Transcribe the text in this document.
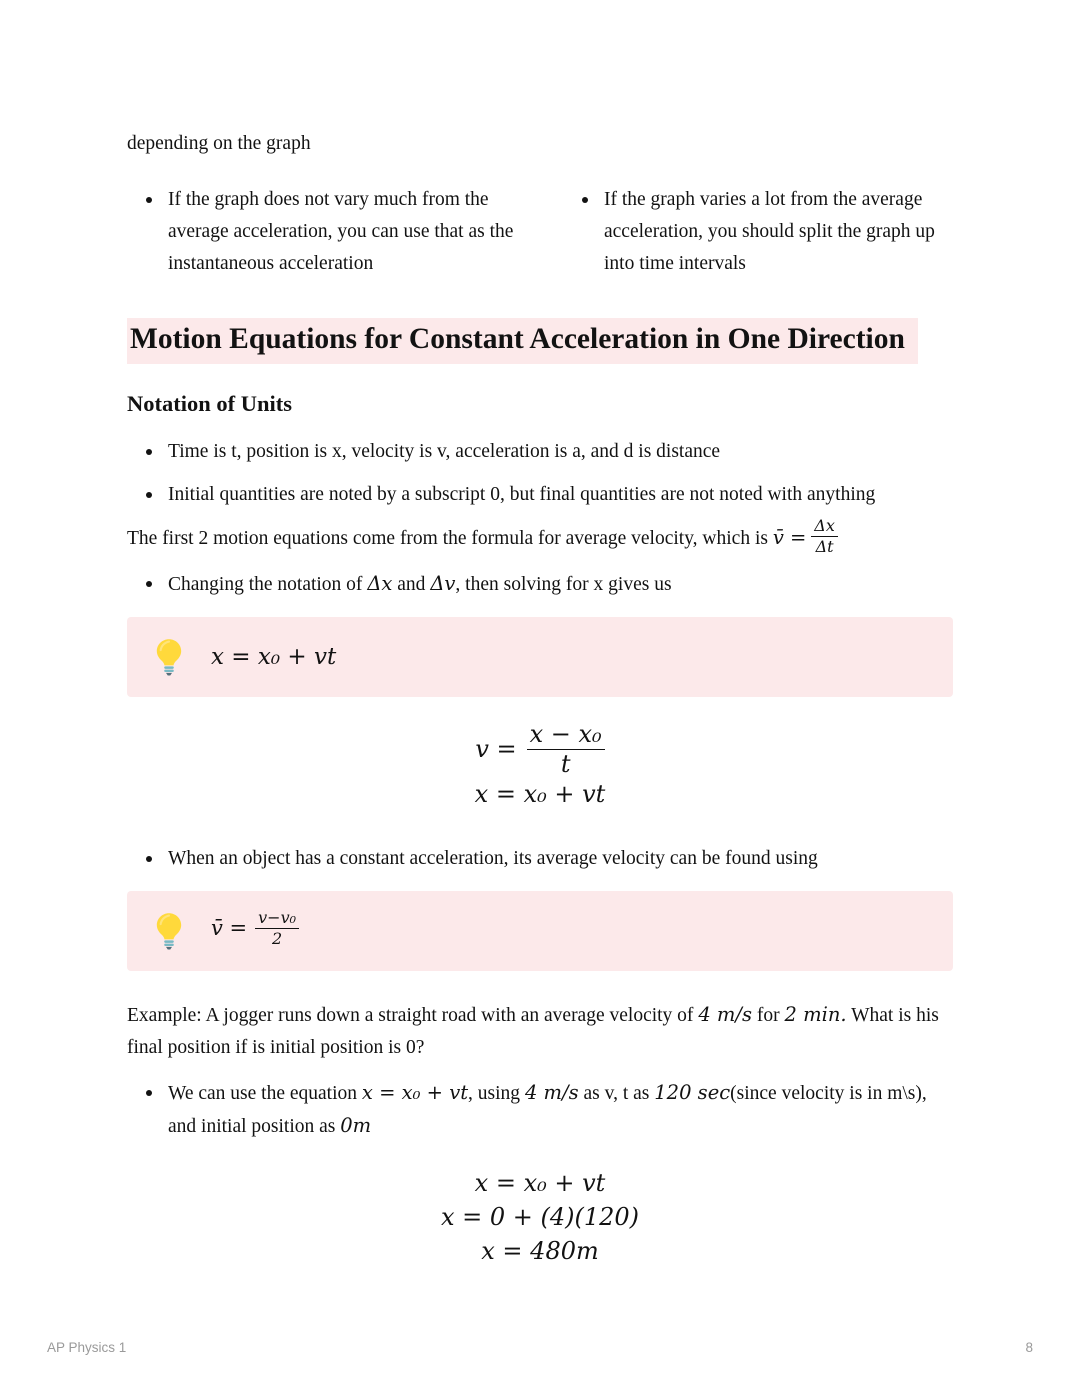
depending on the graph

If the graph does not vary much from the average acceleration, you can use that as the instantaneous acceleration
If the graph varies a lot from the average acceleration, you should split the graph up into time intervals
Motion Equations for Constant Acceleration in One Direction
Notation of Units
Time is t, position is x, velocity is v, acceleration is a, and d is distance
Initial quantities are noted by a subscript 0, but final quantities are not noted with anything

The first 2 motion equations come from the formula for average velocity, which is v̄ = $\frac{\Delta x}{\Delta t}$

Changing the notation of Δx and Δv, then solving for x gives us
x = x₀ + vt
$v = \frac{\text{x − x₀}}{t}$
x = x₀ + vt
When an object has a constant acceleration, its average velocity can be found using
v̄ = $\frac{\text{v−v₀}}{2}$

Example: A jogger runs down a straight road with an average velocity of 4 m/s for 2 min. What is his final position if is initial position is 0?

We can use the equation x = x₀ + vt, using 4 m/s as v, t as 120 sec(since velocity is in m\s), and initial position as 0m
x = x₀ + vt
x = 0 + (4)(120)
x = 480m
AP Physics 1	8
